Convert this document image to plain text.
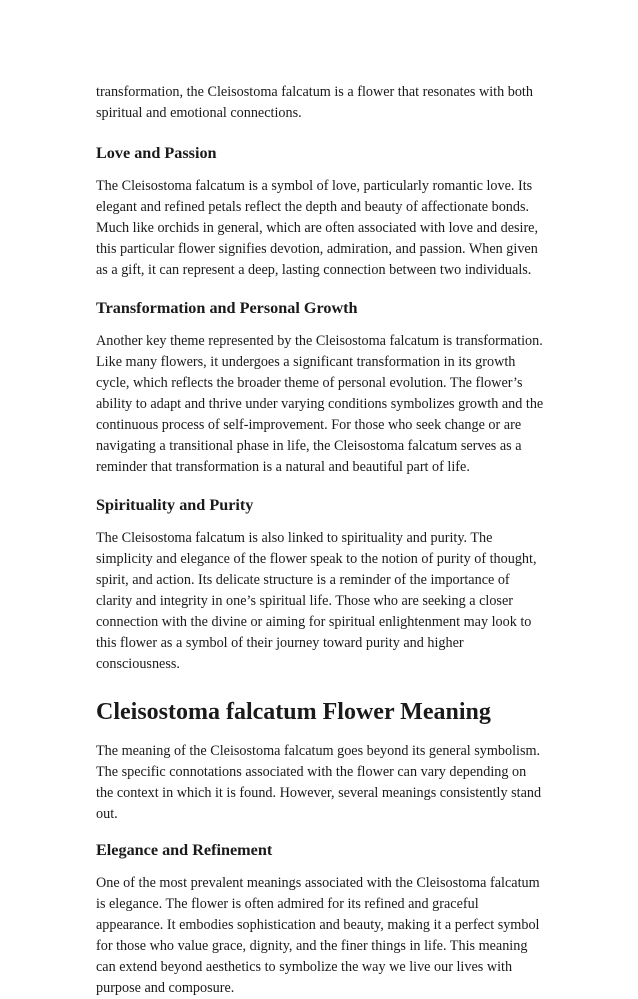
transformation, the Cleisostoma falcatum is a flower that resonates with both spiritual and emotional connections.

Love and Passion

The Cleisostoma falcatum is a symbol of love, particularly romantic love. Its elegant and refined petals reflect the depth and beauty of affectionate bonds. Much like orchids in general, which are often associated with love and desire, this particular flower signifies devotion, admiration, and passion. When given as a gift, it can represent a deep, lasting connection between two individuals.

Transformation and Personal Growth

Another key theme represented by the Cleisostoma falcatum is transformation. Like many flowers, it undergoes a significant transformation in its growth cycle, which reflects the broader theme of personal evolution. The flower’s ability to adapt and thrive under varying conditions symbolizes growth and the continuous process of self-improvement. For those who seek change or are navigating a transitional phase in life, the Cleisostoma falcatum serves as a reminder that transformation is a natural and beautiful part of life.

Spirituality and Purity

The Cleisostoma falcatum is also linked to spirituality and purity. The simplicity and elegance of the flower speak to the notion of purity of thought, spirit, and action. Its delicate structure is a reminder of the importance of clarity and integrity in one’s spiritual life. Those who are seeking a closer connection with the divine or aiming for spiritual enlightenment may look to this flower as a symbol of their journey toward purity and higher consciousness.

Cleisostoma falcatum Flower Meaning

The meaning of the Cleisostoma falcatum goes beyond its general symbolism. The specific connotations associated with the flower can vary depending on the context in which it is found. However, several meanings consistently stand out.

Elegance and Refinement

One of the most prevalent meanings associated with the Cleisostoma falcatum is elegance. The flower is often admired for its refined and graceful appearance. It embodies sophistication and beauty, making it a perfect symbol for those who value grace, dignity, and the finer things in life. This meaning can extend beyond aesthetics to symbolize the way we live our lives with purpose and composure.
